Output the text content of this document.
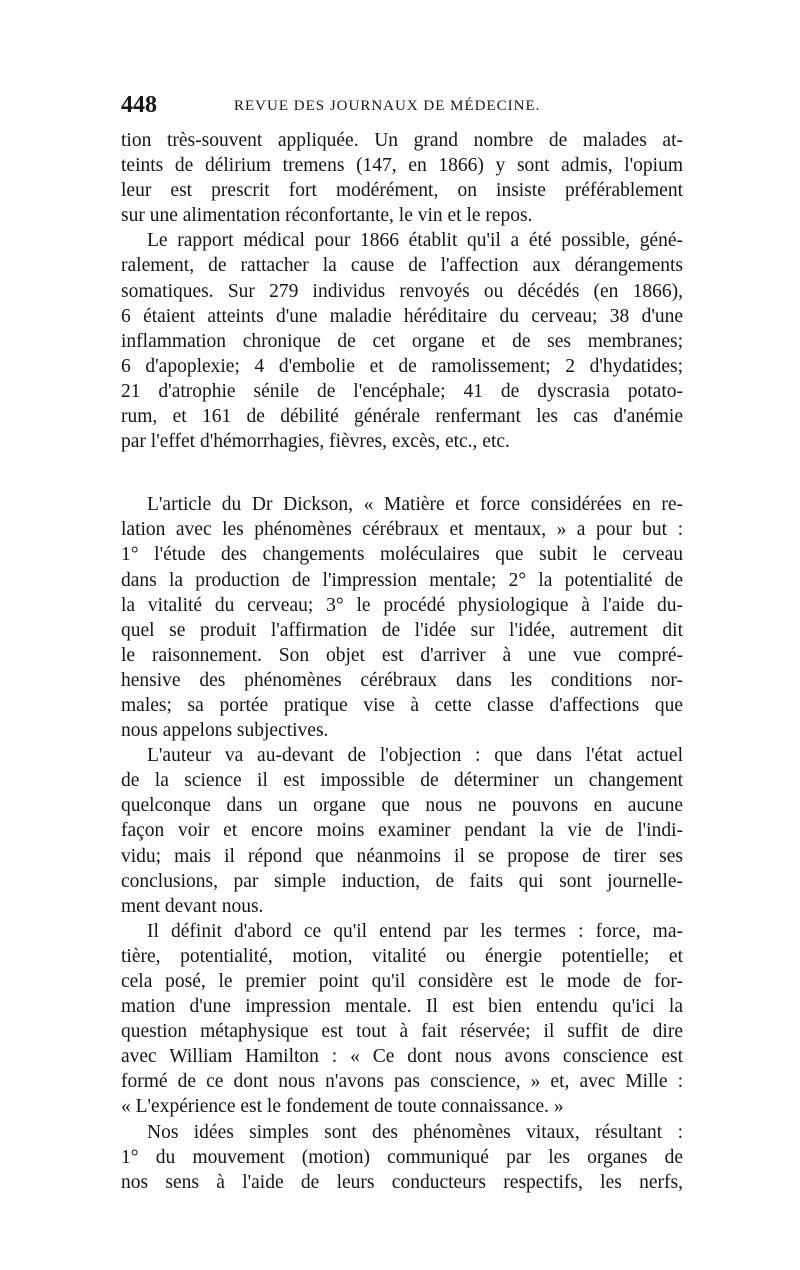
448	REVUE DES JOURNAUX DE MÉDECINE.
tion très-souvent appliquée. Un grand nombre de malades at-
teints de délirium tremens (147, en 1866) y sont admis, l'opium
leur est prescrit fort modérément, on insiste préférablement
sur une alimentation réconfortante, le vin et le repos.
Le rapport médical pour 1866 établit qu'il a été possible, géné-
ralement, de rattacher la cause de l'affection aux dérangements
somatiques. Sur 279 individus renvoyés ou décédés (en 1866),
6 étaient atteints d'une maladie héréditaire du cerveau; 38 d'une
inflammation chronique de cet organe et de ses membranes;
6 d'apoplexie; 4 d'embolie et de ramolissement; 2 d'hydatides;
21 d'atrophie sénile de l'encéphale; 41 de dyscrasia potato-
rum, et 161 de débilité générale renfermant les cas d'anémie
par l'effet d'hémorrhagies, fièvres, excès, etc., etc.
L'article du Dr Dickson, « Matière et force considérées en re-
lation avec les phénomènes cérébraux et mentaux, » a pour but :
1° l'étude des changements moléculaires que subit le cerveau
dans la production de l'impression mentale; 2° la potentialité de
la vitalité du cerveau; 3° le procédé physiologique à l'aide du-
quel se produit l'affirmation de l'idée sur l'idée, autrement dit
le raisonnement. Son objet est d'arriver à une vue compré-
hensive des phénomènes cérébraux dans les conditions nor-
males; sa portée pratique vise à cette classe d'affections que
nous appelons subjectives.
L'auteur va au-devant de l'objection : que dans l'état actuel
de la science il est impossible de déterminer un changement
quelconque dans un organe que nous ne pouvons en aucune
façon voir et encore moins examiner pendant la vie de l'indi-
vidu; mais il répond que néanmoins il se propose de tirer ses
conclusions, par simple induction, de faits qui sont journelle-
ment devant nous.
Il définit d'abord ce qu'il entend par les termes : force, ma-
tière, potentialité, motion, vitalité ou énergie potentielle; et
cela posé, le premier point qu'il considère est le mode de for-
mation d'une impression mentale. Il est bien entendu qu'ici la
question métaphysique est tout à fait réservée; il suffit de dire
avec William Hamilton : « Ce dont nous avons conscience est
formé de ce dont nous n'avons pas conscience, » et, avec Mille :
« L'expérience est le fondement de toute connaissance. »
Nos idées simples sont des phénomènes vitaux, résultant :
1° du mouvement (motion) communiqué par les organes de
nos sens à l'aide de leurs conducteurs respectifs, les nerfs,
